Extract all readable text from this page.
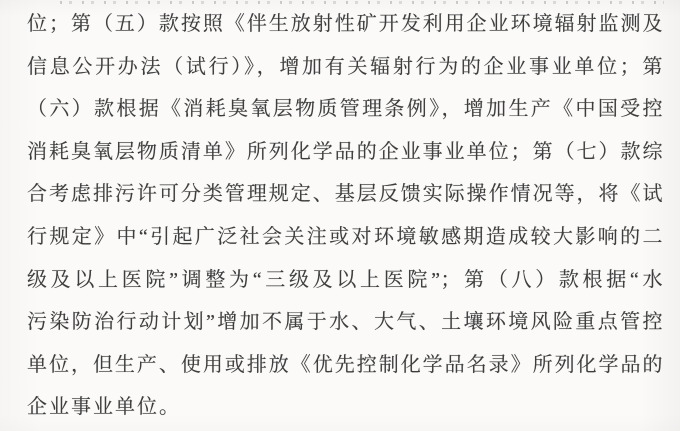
位；第（五）款按照《伴生放射性矿开发利用企业环境辐射监测及
信息公开办法（试行）》，增加有关辐射行为的企业事业单位；第
（六）款根据《消耗臭氧层物质管理条例》，增加生产《中国受控
消耗臭氧层物质清单》所列化学品的企业事业单位；第（七）款综
合考虑排污许可分类管理规定、基层反馈实际操作情况等，将《试
行规定》中“引起广泛社会关注或对环境敏感期造成较大影响的二
级及以上医院”调整为“三级及以上医院”；第（八）款根据“水
污染防治行动计划”增加不属于水、大气、土壤环境风险重点管控
单位，但生产、使用或排放《优先控制化学品名录》所列化学品的
企业事业单位。
